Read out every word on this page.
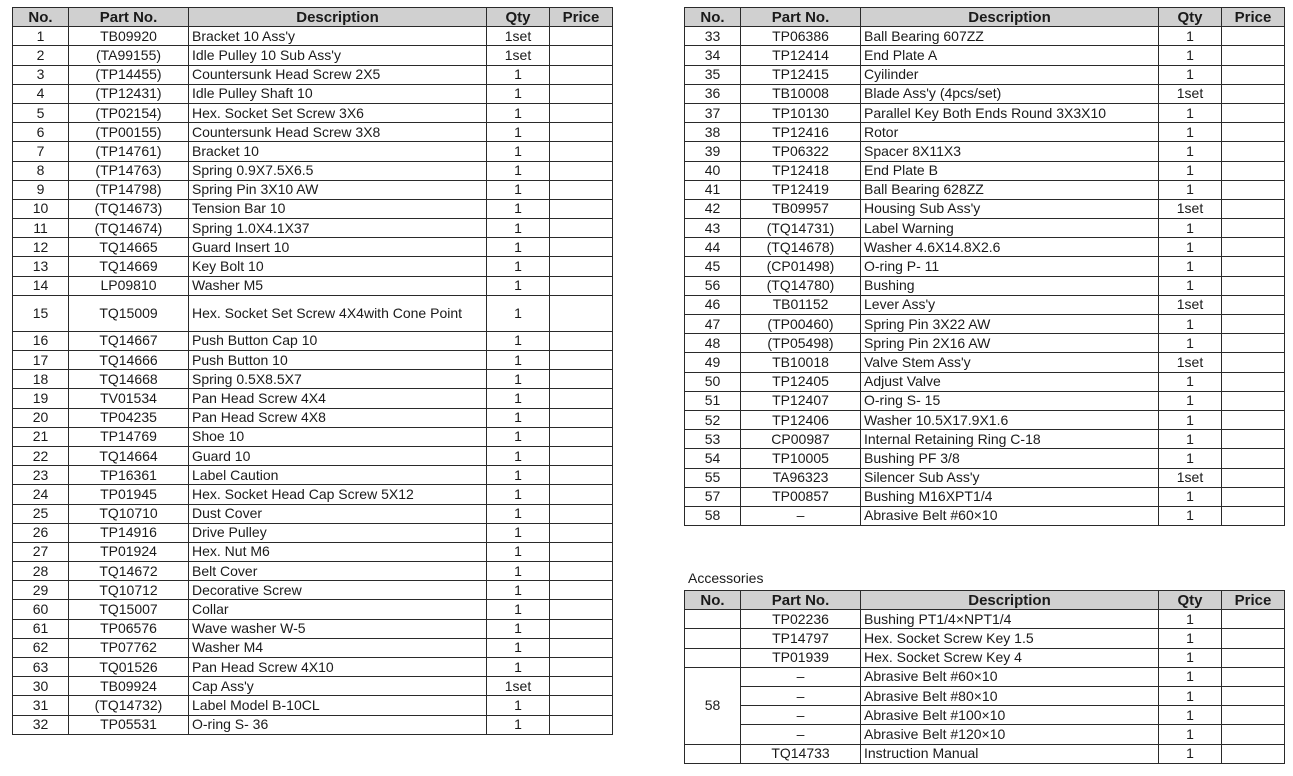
No.	Part No.	Description	Qty	Price
1	TB09920	Bracket 10 Ass'y	1set	
2	(TA99155)	Idle Pulley 10 Sub Ass'y	1set	
3	(TP14455)	Countersunk Head Screw 2X5	1	
4	(TP12431)	Idle Pulley Shaft 10	1	
5	(TP02154)	Hex. Socket Set Screw 3X6	1	
6	(TP00155)	Countersunk Head Screw 3X8	1	
7	(TP14761)	Bracket 10	1	
8	(TP14763)	Spring 0.9X7.5X6.5	1	
9	(TP14798)	Spring Pin 3X10 AW	1	
10	(TQ14673)	Tension Bar 10	1	
11	(TQ14674)	Spring 1.0X4.1X37	1	
12	TQ14665	Guard Insert 10	1	
13	TQ14669	Key Bolt 10	1	
14	LP09810	Washer M5	1	
15	TQ15009	Hex. Socket Set Screw 4X4with Cone Point	1	
16	TQ14667	Push Button Cap 10	1	
17	TQ14666	Push Button 10	1	
18	TQ14668	Spring 0.5X8.5X7	1	
19	TV01534	Pan Head Screw 4X4	1	
20	TP04235	Pan Head Screw 4X8	1	
21	TP14769	Shoe 10	1	
22	TQ14664	Guard 10	1	
23	TP16361	Label Caution	1	
24	TP01945	Hex. Socket Head Cap Screw 5X12	1	
25	TQ10710	Dust Cover	1	
26	TP14916	Drive Pulley	1	
27	TP01924	Hex. Nut M6	1	
28	TQ14672	Belt Cover	1	
29	TQ10712	Decorative Screw	1	
60	TQ15007	Collar	1	
61	TP06576	Wave washer W-5	1	
62	TP07762	Washer M4	1	
63	TQ01526	Pan Head Screw 4X10	1	
30	TB09924	Cap Ass'y	1set	
31	(TQ14732)	Label Model B-10CL	1	
32	TP05531	O-ring S- 36	1	
No.	Part No.	Description	Qty	Price
33	TP06386	Ball Bearing 607ZZ	1	
34	TP12414	End Plate A	1	
35	TP12415	Cyilinder	1	
36	TB10008	Blade Ass'y (4pcs/set)	1set	
37	TP10130	Parallel Key Both Ends Round 3X3X10	1	
38	TP12416	Rotor	1	
39	TP06322	Spacer 8X11X3	1	
40	TP12418	End Plate B	1	
41	TP12419	Ball Bearing 628ZZ	1	
42	TB09957	Housing Sub Ass'y	1set	
43	(TQ14731)	Label Warning	1	
44	(TQ14678)	Washer 4.6X14.8X2.6	1	
45	(CP01498)	O-ring P- 11	1	
56	(TQ14780)	Bushing	1	
46	TB01152	Lever Ass'y	1set	
47	(TP00460)	Spring Pin 3X22 AW	1	
48	(TP05498)	Spring Pin 2X16 AW	1	
49	TB10018	Valve Stem Ass'y	1set	
50	TP12405	Adjust Valve	1	
51	TP12407	O-ring S- 15	1	
52	TP12406	Washer 10.5X17.9X1.6	1	
53	CP00987	Internal Retaining Ring C-18	1	
54	TP10005	Bushing PF 3/8	1	
55	TA96323	Silencer Sub Ass'y	1set	
57	TP00857	Bushing M16XPT1/4	1	
58	–	Abrasive Belt #60×10	1	
Accessories
No.	Part No.	Description	Qty	Price
	TP02236	Bushing PT1/4×NPT1/4	1	
	TP14797	Hex. Socket Screw Key 1.5	1	
	TP01939	Hex. Socket Screw Key 4	1	
58	–	Abrasive Belt #60×10	1	
	–	Abrasive Belt #80×10	1	
	–	Abrasive Belt #100×10	1	
	–	Abrasive Belt #120×10	1	
	TQ14733	Instruction Manual	1	
